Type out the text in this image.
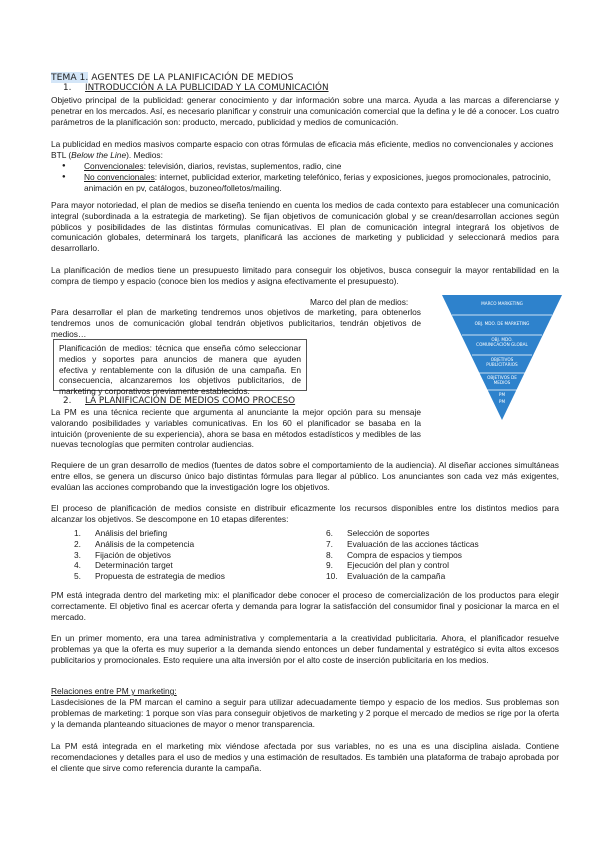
TEMA 1. AGENTES DE LA PLANIFICACIÓN DE MEDIOS
1. INTRODUCCIÓN A LA PUBLICIDAD Y LA COMUNICACIÓN

Objetivo principal de la publicidad: generar conocimiento y dar información sobre una marca. Ayuda a las marcas a diferenciarse y penetrar en los mercados. Así, es necesario planificar y construir una comunicación comercial que la defina y le dé a conocer. Los cuatro parámetros de la planificación son: producto, mercado, publicidad y medios de comunicación.

La publicidad en medios masivos comparte espacio con otras fórmulas de eficacia más eficiente, medios no convencionales y acciones BTL (Below the Line). Medios:

● Convencionales: televisión, diarios, revistas, suplementos, radio, cine
● No convencionales: internet, publicidad exterior, marketing telefónico, ferias y exposiciones, juegos promocionales, patrocinio, animación en pv, catálogos, buzoneo/folletos/mailing.

Para mayor notoriedad, el plan de medios se diseña teniendo en cuenta los medios de cada contexto para establecer una comunicación integral (subordinada a la estrategia de marketing). Se fijan objetivos de comunicación global y se crean/desarrollan acciones según públicos y posibilidades de las distintas fórmulas comunicativas. El plan de comunicación integral integrará los objetivos de comunicación globales, determinará los targets, planificará las acciones de marketing y publicidad y seleccionará medios para desarrollarlo.

La planificación de medios tiene un presupuesto limitado para conseguir los objetivos, busca conseguir la mayor rentabilidad en la compra de tiempo y espacio (conoce bien los medios y asigna efectivamente el presupuesto).

Marco del plan de medios:

Para desarrollar el plan de marketing tendremos unos objetivos de marketing, para obtenerlos tendremos unos de comunicación global tendrán objetivos publicitarios, tendrán objetivos de medios…

Planificación de medios: técnica que enseña cómo seleccionar medios y soportes para anuncios de manera que ayuden efectiva y rentablemente con la difusión de una campaña. En consecuencia, alcanzaremos los objetivos publicitarios, de marketing y corporativos previamente establecidos.
MARCO MARKETING
OBJ. MDO. DE MARKETING
OBJ. MDO. COMUNICACIÓN GLOBAL
OBJETIVOS PUBLICITARIOS
OBJETIVOS DE MEDIOS
PM
PM
2. LA PLANIFICACIÓN DE MEDIOS COMO PROCESO

La PM es una técnica reciente que argumenta al anunciante la mejor opción para su mensaje valorando posibilidades y variables comunicativas. En los 60 el planificador se basaba en la intuición (proveniente de su experiencia), ahora se basa en métodos estadísticos y medibles de las nuevas tecnologías que permiten controlar audiencias.

Requiere de un gran desarrollo de medios (fuentes de datos sobre el comportamiento de la audiencia). Al diseñar acciones simultáneas entre ellos, se genera un discurso único bajo distintas fórmulas para llegar al público. Los anunciantes son cada vez más exigentes, evalúan las acciones comprobando que la investigación logre los objetivos.

El proceso de planificación de medios consiste en distribuir eficazmente los recursos disponibles entre los distintos medios para alcanzar los objetivos. Se descompone en 10 etapas diferentes:

1.	Análisis del briefing
2.	Análisis de la competencia
3.	Fijación de objetivos
4.	Determinación target
5.	Propuesta de estrategia de medios
6.	Selección de soportes
7.	Evaluación de las acciones tácticas
8.	Compra de espacios y tiempos
9.	Ejecución del plan y control
10.	Evaluación de la campaña

PM está integrada dentro del marketing mix: el planificador debe conocer el proceso de comercialización de los productos para elegir correctamente. El objetivo final es acercar oferta y demanda para lograr la satisfacción del consumidor final y posicionar la marca en el mercado.

En un primer momento, era una tarea administrativa y complementaria a la creatividad publicitaria. Ahora, el planificador resuelve problemas ya que la oferta es muy superior a la demanda siendo entonces un deber fundamental y estratégico si evita altos excesos publicitarios y promocionales. Esto requiere una alta inversión por el alto coste de inserción publicitaria en los medios.

Relaciones entre PM y marketing:

Lasdecisiones de la PM marcan el camino a seguir para utilizar adecuadamente tiempo y espacio de los medios. Sus problemas son problemas de marketing: 1 porque son vías para conseguir objetivos de marketing y 2 porque el mercado de medios se rige por la oferta y la demanda planteando situaciones de mayor o menor transparencia.

La PM está integrada en el marketing mix viéndose afectada por sus variables, no es una es una disciplina aislada. Contiene recomendaciones y detalles para el uso de medios y una estimación de resultados. Es también una plataforma de trabajo aprobada por el cliente que sirve como referencia durante la campaña.
